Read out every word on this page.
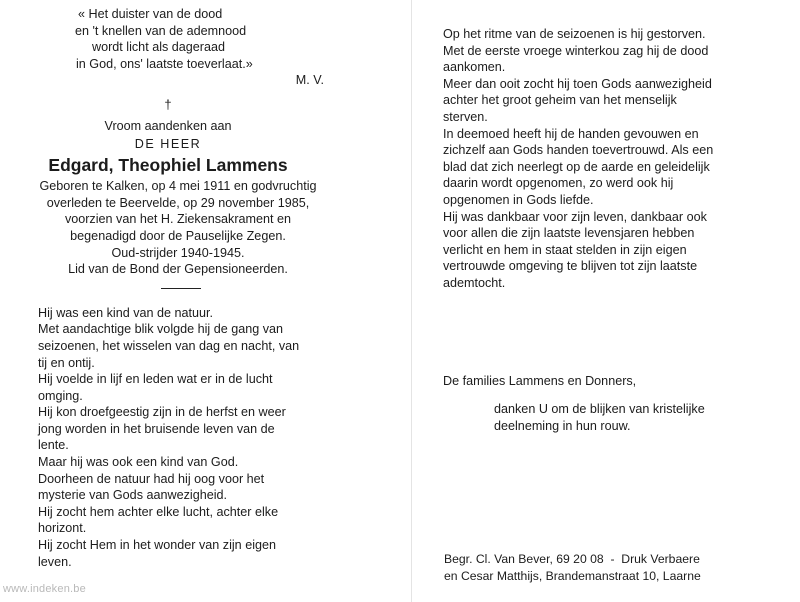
« Het duister van de dood
en 't knellen van de ademnood
wordt licht als dageraad
in God, ons' laatste toeverlaat.»
M. V.
†
Vroom aandenken aan
DE HEER
Edgard, Theophiel Lammens
Geboren te Kalken, op 4 mei 1911 en godvruchtig
overleden te Beervelde, op 29 november 1985,
voorzien van het H. Ziekensakrament en
begenadigd door de Pauselijke Zegen.
Oud-strijder 1940-1945.
Lid van de Bond der Gepensioneerden.
Hij was een kind van de natuur.
Met aandachtige blik volgde hij de gang van
seizoenen, het wisselen van dag en nacht, van
tij en ontij.
Hij voelde in lijf en leden wat er in de lucht
omging.
Hij kon droefgeestig zijn in de herfst en weer
jong worden in het bruisende leven van de
lente.
Maar hij was ook een kind van God.
Doorheen de natuur had hij oog voor het
mysterie van Gods aanwezigheid.
Hij zocht hem achter elke lucht, achter elke
horizont.
Hij zocht Hem in het wonder van zijn eigen
leven.
Op het ritme van de seizoenen is hij gestorven.
Met de eerste vroege winterkou zag hij de dood
aankomen.
Meer dan ooit zocht hij toen Gods aanwezigheid
achter het groot geheim van het menselijk
sterven.
In deemoed heeft hij de handen gevouwen en
zichzelf aan Gods handen toevertrouwd. Als een
blad dat zich neerlegt op de aarde en geleidelijk
daarin wordt opgenomen, zo werd ook hij
opgenomen in Gods liefde.
Hij was dankbaar voor zijn leven, dankbaar ook
voor allen die zijn laatste levensjaren hebben
verlicht en hem in staat stelden in zijn eigen
vertrouwde omgeving te blijven tot zijn laatste
ademtocht.
De families Lammens en Donners,
danken U om de blijken van kristelijke
deelneming in hun rouw.
Begr. Cl. Van Bever, 69 20 08  -  Druk Verbaere
en Cesar Matthijs, Brandemanstraat 10, Laarne
www.indeken.be
